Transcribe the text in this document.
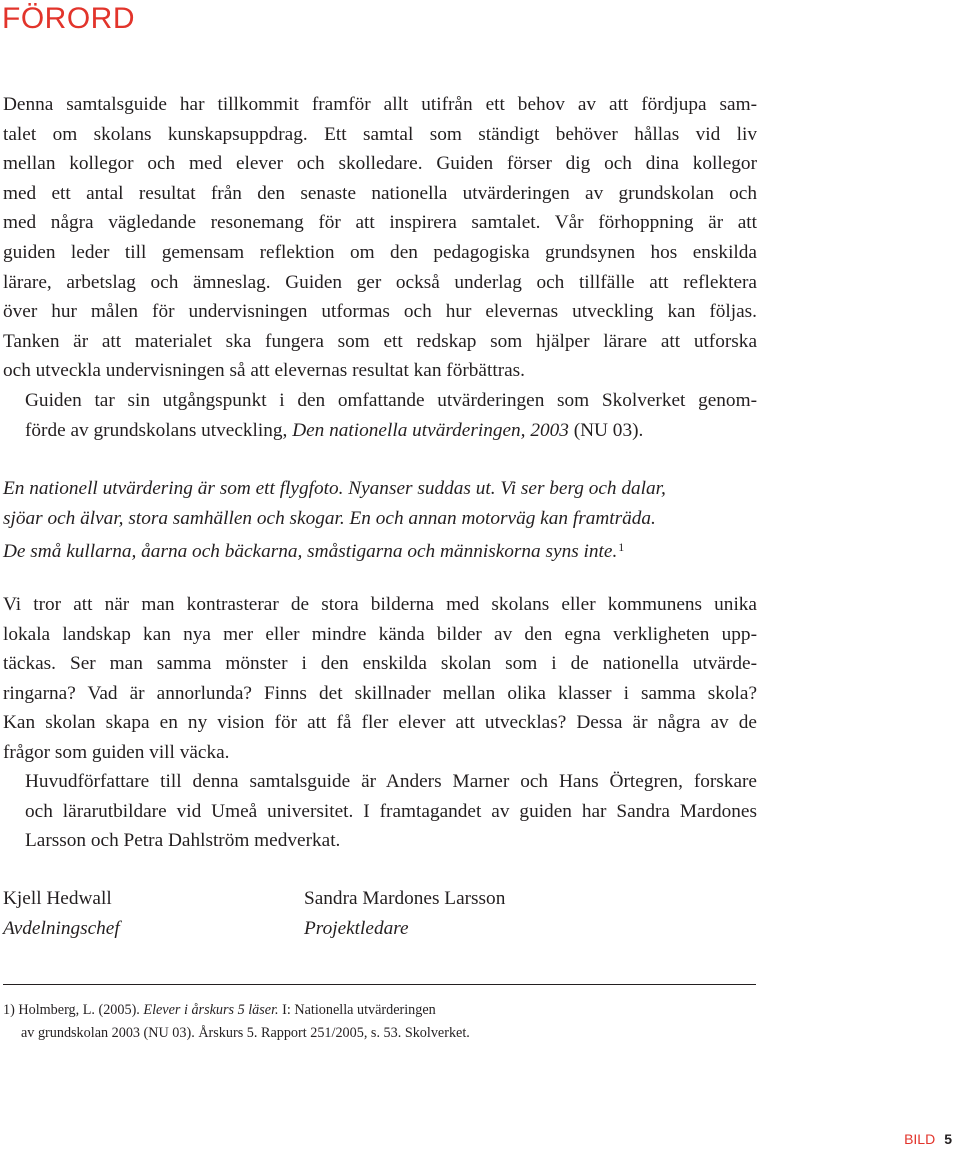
FÖRORD

Denna samtalsguide har tillkommit framför allt utifrån ett behov av att fördjupa sam-
talet om skolans kunskapsuppdrag. Ett samtal som ständigt behöver hållas vid liv
mellan kollegor och med elever och skolledare. Guiden förser dig och dina kollegor
med ett antal resultat från den senaste nationella utvärderingen av grundskolan och
med några vägledande resonemang för att inspirera samtalet. Vår förhoppning är att
guiden leder till gemensam reflektion om den pedagogiska grundsynen hos enskilda
lärare, arbetslag och ämneslag. Guiden ger också underlag och tillfälle att reflektera
över hur målen för undervisningen utformas och hur elevernas utveckling kan följas.
Tanken är att materialet ska fungera som ett redskap som hjälper lärare att utforska
och utveckla undervisningen så att elevernas resultat kan förbättras.

Guiden tar sin utgångspunkt i den omfattande utvärderingen som Skolverket genom-
förde av grundskolans utveckling, Den nationella utvärderingen, 2003 (NU 03).

En nationell utvärdering är som ett flygfoto. Nyanser suddas ut. Vi ser berg och dalar,
sjöar och älvar, stora samhällen och skogar. En och annan motorväg kan framträda.
De små kullarna, åarna och bäckarna, småstigarna och människorna syns inte.$^1$

Vi tror att när man kontrasterar de stora bilderna med skolans eller kommunens unika
lokala landskap kan nya mer eller mindre kända bilder av den egna verkligheten upp-
täckas. Ser man samma mönster i den enskilda skolan som i de nationella utvärde-
ringarna? Vad är annorlunda? Finns det skillnader mellan olika klasser i samma skola?
Kan skolan skapa en ny vision för att få fler elever att utvecklas? Dessa är några av de
frågor som guiden vill väcka.

Huvudförfattare till denna samtalsguide är Anders Marner och Hans Örtegren, forskare
och lärarutbildare vid Umeå universitet. I framtagandet av guiden har Sandra Mardones
Larsson och Petra Dahlström medverkat.

Kjell Hedwall
Avdelningschef

Sandra Mardones Larsson
Projektledare

1) Holmberg, L. (2005). Elever i årskurs 5 läser. I: Nationella utvärderingen
av grundskolan 2003 (NU 03). Årskurs 5. Rapport 251/2005, s. 53. Skolverket.

BILD 5
